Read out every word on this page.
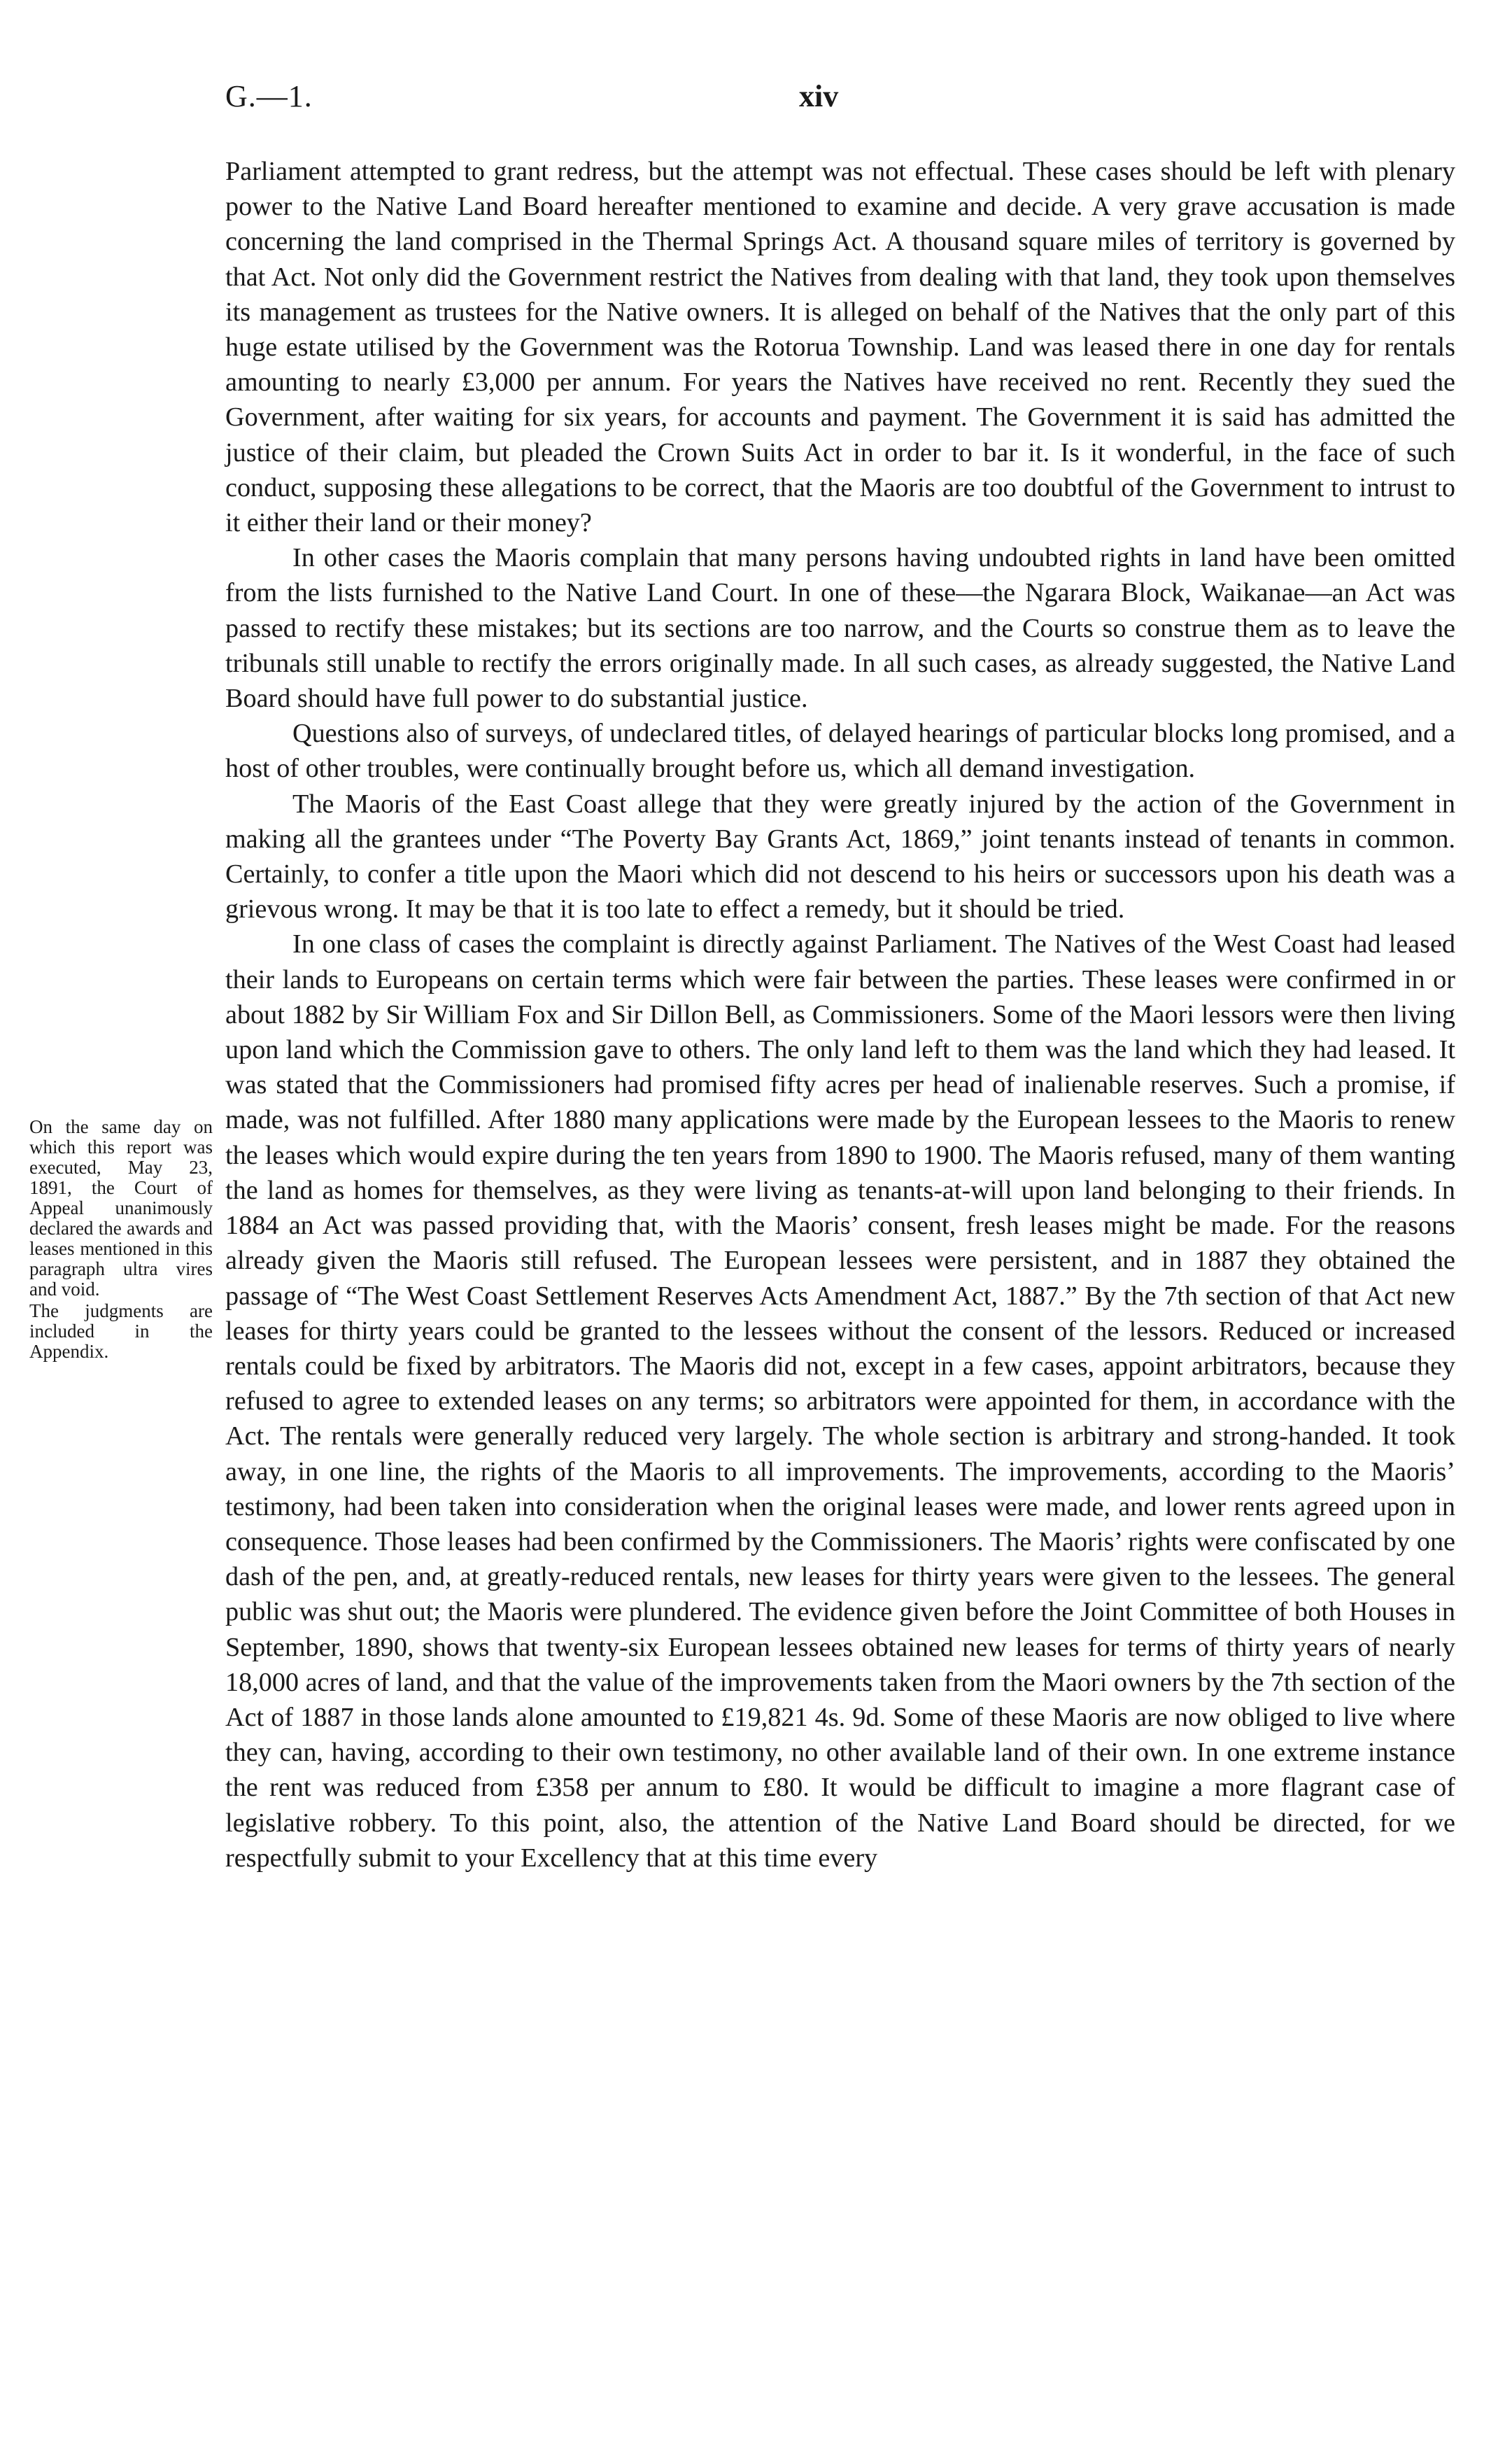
G.—1.	xiv

On the same day on which this report was executed, May 23, 1891, the Court of Appeal unanimously declared the awards and leases mentioned in this paragraph ultra vires and void.

The judgments are included in the Appendix.

Parliament attempted to grant redress, but the attempt was not effectual. These cases should be left with plenary power to the Native Land Board hereafter mentioned to examine and decide. A very grave accusation is made concerning the land comprised in the Thermal Springs Act. A thousand square miles of territory is governed by that Act. Not only did the Government restrict the Natives from dealing with that land, they took upon themselves its management as trustees for the Native owners. It is alleged on behalf of the Natives that the only part of this huge estate utilised by the Government was the Rotorua Township. Land was leased there in one day for rentals amounting to nearly £3,000 per annum. For years the Natives have received no rent. Recently they sued the Government, after waiting for six years, for accounts and payment. The Government it is said has admitted the justice of their claim, but pleaded the Crown Suits Act in order to bar it. Is it wonderful, in the face of such conduct, supposing these allegations to be correct, that the Maoris are too doubtful of the Government to intrust to it either their land or their money?

In other cases the Maoris complain that many persons having undoubted rights in land have been omitted from the lists furnished to the Native Land Court. In one of these—the Ngarara Block, Waikanae—an Act was passed to rectify these mistakes; but its sections are too narrow, and the Courts so construe them as to leave the tribunals still unable to rectify the errors originally made. In all such cases, as already suggested, the Native Land Board should have full power to do substantial justice.

Questions also of surveys, of undeclared titles, of delayed hearings of particular blocks long promised, and a host of other troubles, were continually brought before us, which all demand investigation.

The Maoris of the East Coast allege that they were greatly injured by the action of the Government in making all the grantees under “The Poverty Bay Grants Act, 1869,” joint tenants instead of tenants in common. Certainly, to confer a title upon the Maori which did not descend to his heirs or successors upon his death was a grievous wrong. It may be that it is too late to effect a remedy, but it should be tried.

In one class of cases the complaint is directly against Parliament. The Natives of the West Coast had leased their lands to Europeans on certain terms which were fair between the parties. These leases were confirmed in or about 1882 by Sir William Fox and Sir Dillon Bell, as Commissioners. Some of the Maori lessors were then living upon land which the Commission gave to others. The only land left to them was the land which they had leased. It was stated that the Commissioners had promised fifty acres per head of inalienable reserves. Such a promise, if made, was not fulfilled. After 1880 many applications were made by the European lessees to the Maoris to renew the leases which would expire during the ten years from 1890 to 1900. The Maoris refused, many of them wanting the land as homes for themselves, as they were living as tenants-at-will upon land belonging to their friends. In 1884 an Act was passed providing that, with the Maoris’ consent, fresh leases might be made. For the reasons already given the Maoris still refused. The European lessees were persistent, and in 1887 they obtained the passage of “The West Coast Settlement Reserves Acts Amendment Act, 1887.” By the 7th section of that Act new leases for thirty years could be granted to the lessees without the consent of the lessors. Reduced or increased rentals could be fixed by arbitrators. The Maoris did not, except in a few cases, appoint arbitrators, because they refused to agree to extended leases on any terms; so arbitrators were appointed for them, in accordance with the Act. The rentals were generally reduced very largely. The whole section is arbitrary and strong-handed. It took away, in one line, the rights of the Maoris to all improvements. The improvements, according to the Maoris’ testimony, had been taken into consideration when the original leases were made, and lower rents agreed upon in consequence. Those leases had been confirmed by the Commissioners. The Maoris’ rights were confiscated by one dash of the pen, and, at greatly-reduced rentals, new leases for thirty years were given to the lessees. The general public was shut out; the Maoris were plundered. The evidence given before the Joint Committee of both Houses in September, 1890, shows that twenty-six European lessees obtained new leases for terms of thirty years of nearly 18,000 acres of land, and that the value of the improvements taken from the Maori owners by the 7th section of the Act of 1887 in those lands alone amounted to £19,821 4s. 9d. Some of these Maoris are now obliged to live where they can, having, according to their own testimony, no other available land of their own. In one extreme instance the rent was reduced from £358 per annum to £80. It would be difficult to imagine a more flagrant case of legislative robbery. To this point, also, the attention of the Native Land Board should be directed, for we respectfully submit to your Excellency that at this time every
